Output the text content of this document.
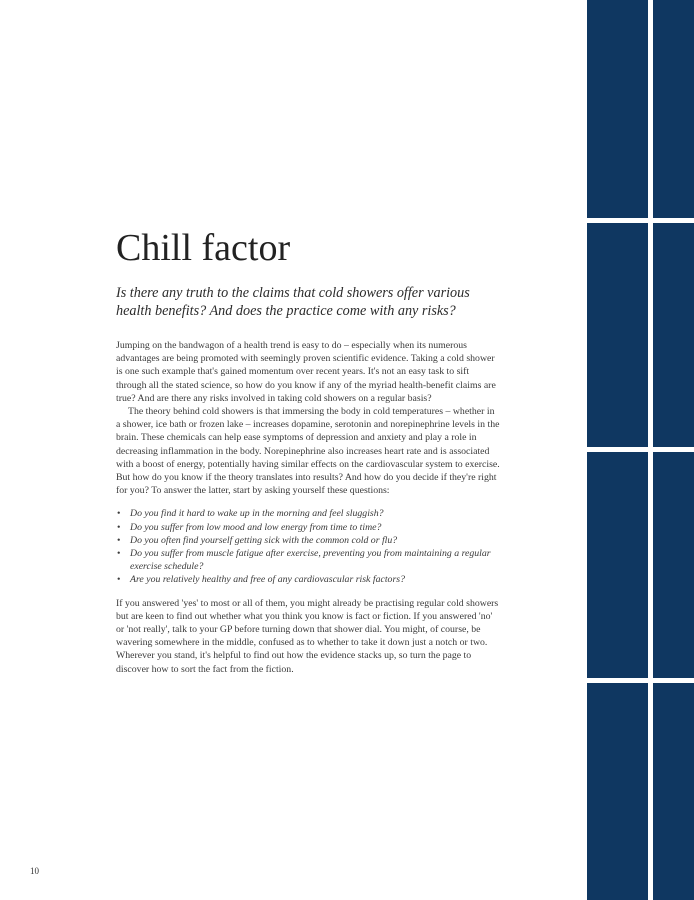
Chill factor

Is there any truth to the claims that cold showers offer various health benefits? And does the practice come with any risks?

Jumping on the bandwagon of a health trend is easy to do – especially when its numerous advantages are being promoted with seemingly proven scientific evidence. Taking a cold shower is one such example that's gained momentum over recent years. It's not an easy task to sift through all the stated science, so how do you know if any of the myriad health-benefit claims are true? And are there any risks involved in taking cold showers on a regular basis?

The theory behind cold showers is that immersing the body in cold temperatures – whether in a shower, ice bath or frozen lake – increases dopamine, serotonin and norepinephrine levels in the brain. These chemicals can help ease symptoms of depression and anxiety and play a role in decreasing inflammation in the body. Norepinephrine also increases heart rate and is associated with a boost of energy, potentially having similar effects on the cardiovascular system to exercise. But how do you know if the theory translates into results? And how do you decide if they're right for you? To answer the latter, start by asking yourself these questions:

• Do you find it hard to wake up in the morning and feel sluggish?
• Do you suffer from low mood and low energy from time to time?
• Do you often find yourself getting sick with the common cold or flu?
• Do you suffer from muscle fatigue after exercise, preventing you from maintaining a regular exercise schedule?
• Are you relatively healthy and free of any cardiovascular risk factors?

If you answered 'yes' to most or all of them, you might already be practising regular cold showers but are keen to find out whether what you think you know is fact or fiction. If you answered 'no' or 'not really', talk to your GP before turning down that shower dial. You might, of course, be wavering somewhere in the middle, confused as to whether to take it down just a notch or two. Wherever you stand, it's helpful to find out how the evidence stacks up, so turn the page to discover how to sort the fact from the fiction.

10
